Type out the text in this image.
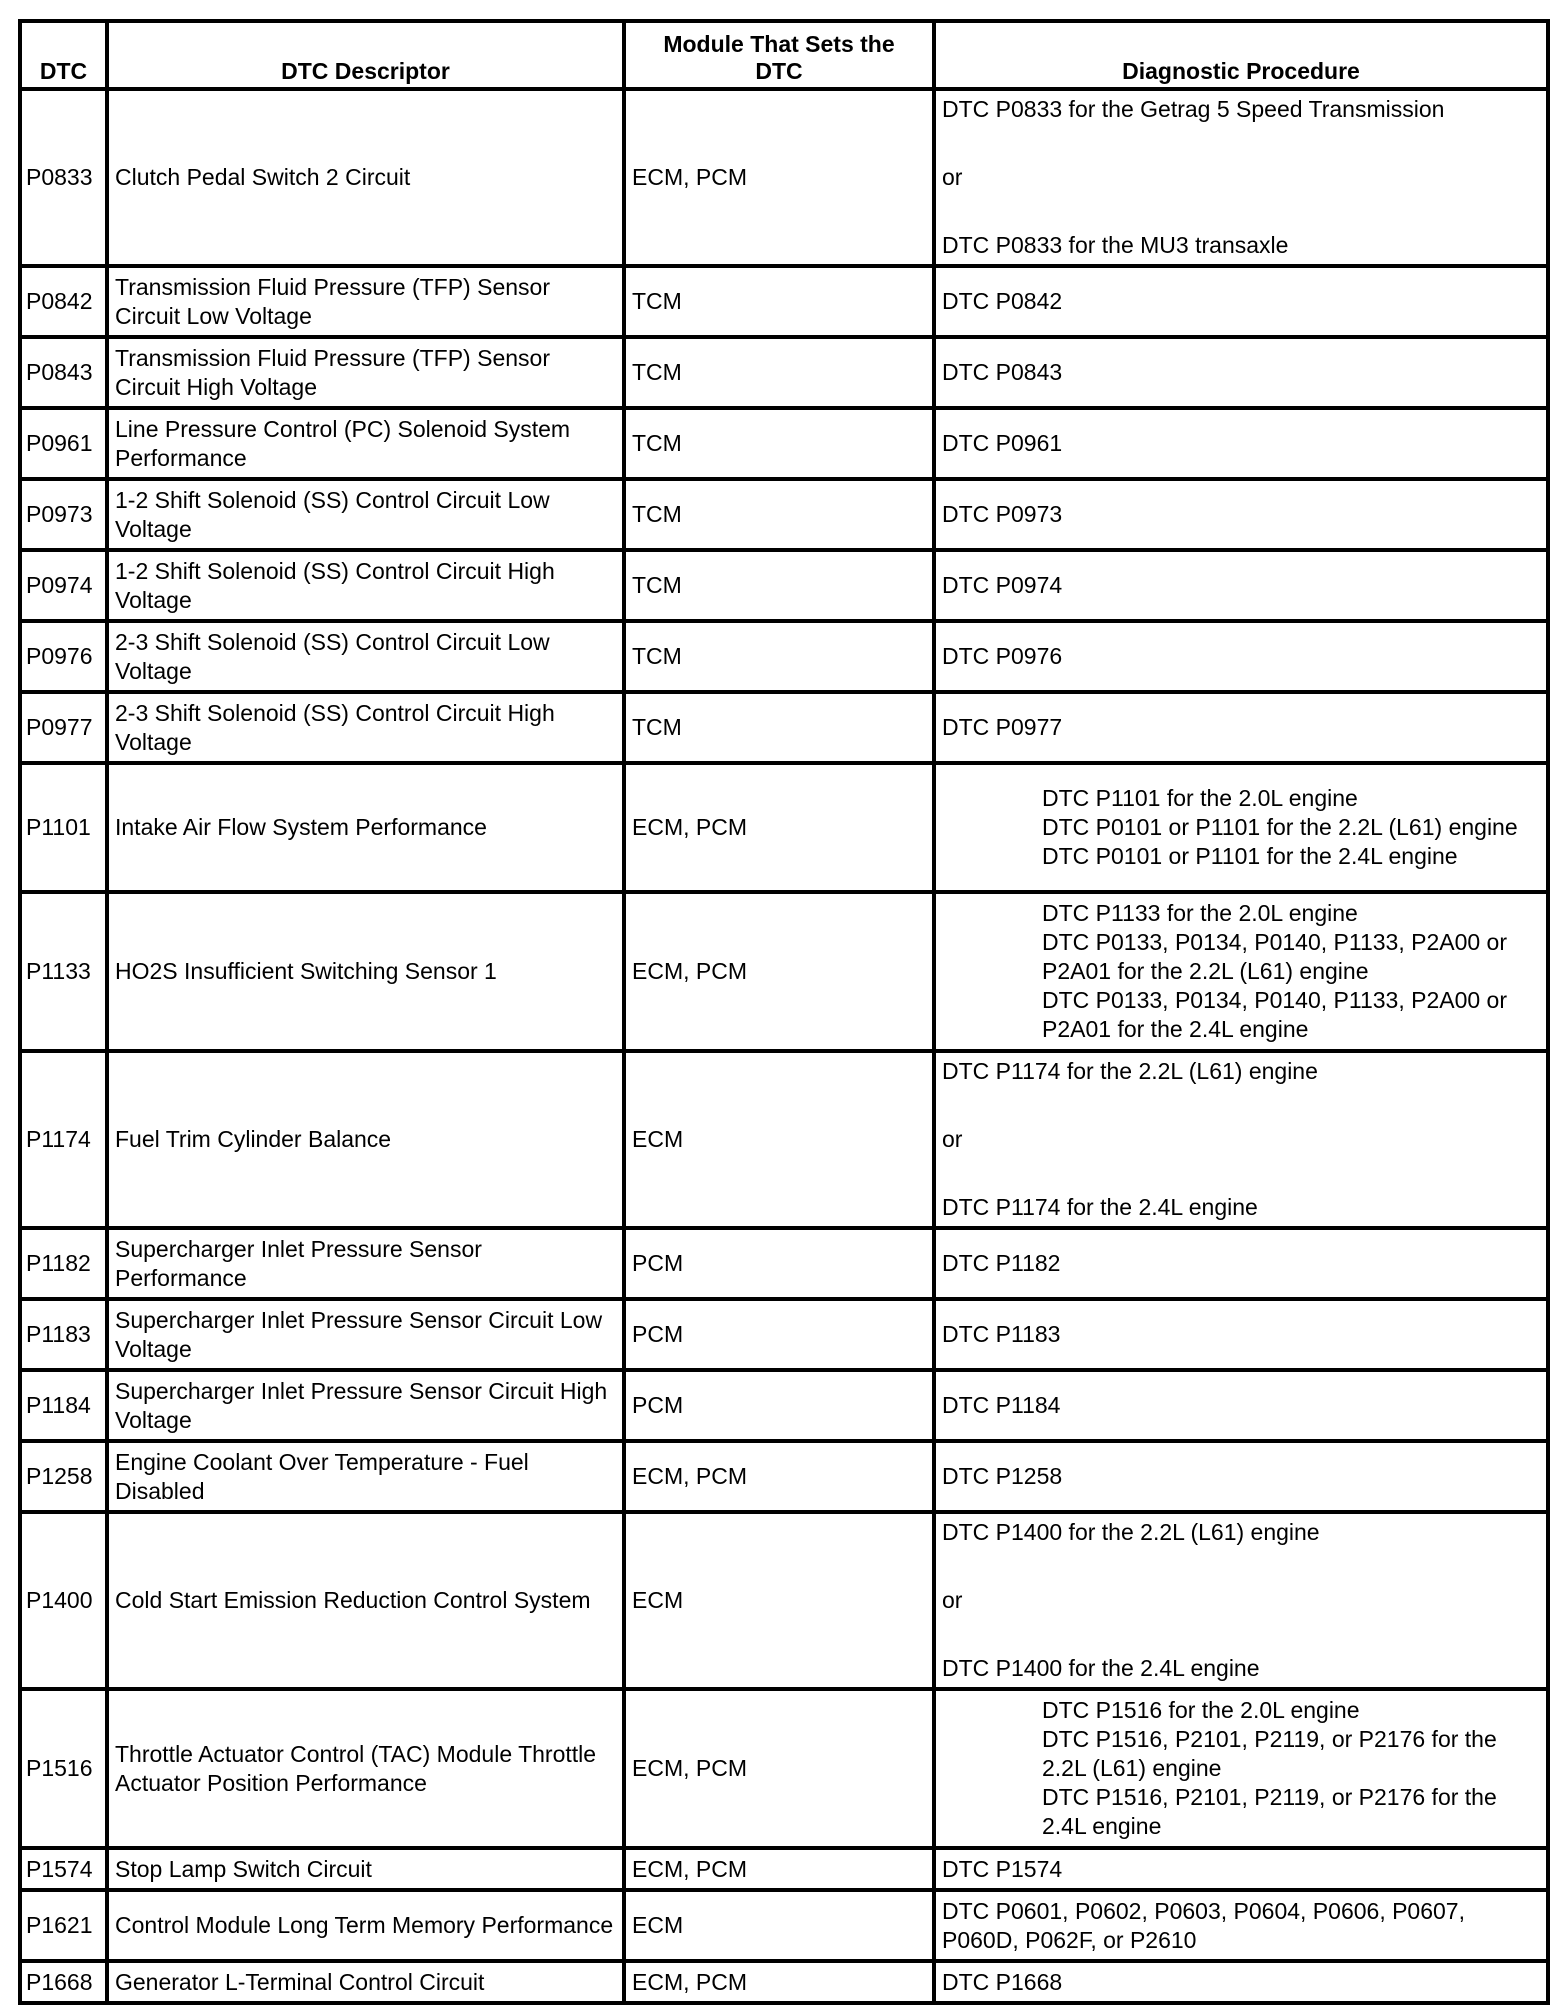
DTC	DTC Descriptor	Module That Sets the DTC	Diagnostic Procedure
P0833	Clutch Pedal Switch 2 Circuit	ECM, PCM	DTC P0833 for the Getrag 5 Speed Transmission
or
DTC P0833 for the MU3 transaxle

P0842	Transmission Fluid Pressure (TFP) Sensor Circuit Low Voltage	TCM	DTC P0842

P0843	Transmission Fluid Pressure (TFP) Sensor Circuit High Voltage	TCM	DTC P0843

P0961	Line Pressure Control (PC) Solenoid System Performance	TCM	DTC P0961

P0973	1-2 Shift Solenoid (SS) Control Circuit Low Voltage	TCM	DTC P0973

P0974	1-2 Shift Solenoid (SS) Control Circuit High Voltage	TCM	DTC P0974

P0976	2-3 Shift Solenoid (SS) Control Circuit Low Voltage	TCM	DTC P0976

P0977	2-3 Shift Solenoid (SS) Control Circuit High Voltage	TCM	DTC P0977

P1101	Intake Air Flow System Performance	ECM, PCM	DTC P1101 for the 2.0L engine
DTC P0101 or P1101 for the 2.2L (L61) engine
DTC P0101 or P1101 for the 2.4L engine

P1133	HO2S Insufficient Switching Sensor 1	ECM, PCM	DTC P1133 for the 2.0L engine
DTC P0133, P0134, P0140, P1133, P2A00 or P2A01 for the 2.2L (L61) engine
DTC P0133, P0134, P0140, P1133, P2A00 or P2A01 for the 2.4L engine

P1174	Fuel Trim Cylinder Balance	ECM	DTC P1174 for the 2.2L (L61) engine
or
DTC P1174 for the 2.4L engine

P1182	Supercharger Inlet Pressure Sensor Performance	PCM	DTC P1182

P1183	Supercharger Inlet Pressure Sensor Circuit Low Voltage	PCM	DTC P1183

P1184	Supercharger Inlet Pressure Sensor Circuit High Voltage	PCM	DTC P1184

P1258	Engine Coolant Over Temperature - Fuel Disabled	ECM, PCM	DTC P1258

P1400	Cold Start Emission Reduction Control System	ECM	DTC P1400 for the 2.2L (L61) engine
or
DTC P1400 for the 2.4L engine

P1516	Throttle Actuator Control (TAC) Module Throttle Actuator Position Performance	ECM, PCM	DTC P1516 for the 2.0L engine
DTC P1516, P2101, P2119, or P2176 for the 2.2L (L61) engine
DTC P1516, P2101, P2119, or P2176 for the 2.4L engine

P1574	Stop Lamp Switch Circuit	ECM, PCM	DTC P1574

P1621	Control Module Long Term Memory Performance	ECM	DTC P0601, P0602, P0603, P0604, P0606, P0607, P060D, P062F, or P2610

P1668	Generator L-Terminal Control Circuit	ECM, PCM	DTC P1668
